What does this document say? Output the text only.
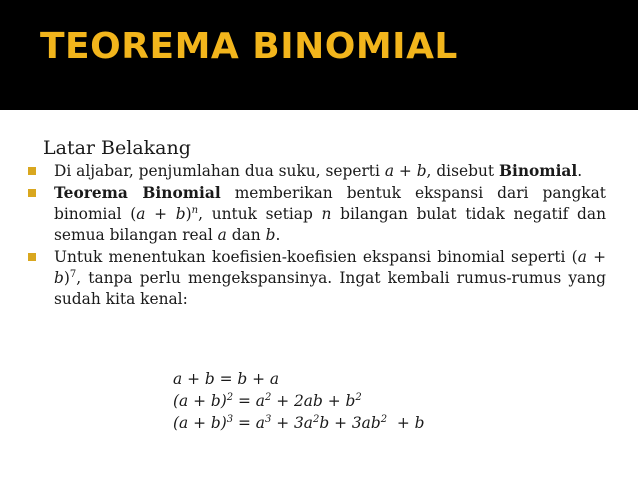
TEOREMA BINOMIAL
Latar Belakang
Di aljabar, penjumlahan dua suku, seperti a + b, disebut Binomial.
Teorema Binomial memberikan bentuk ekspansi dari pangkat binomial $(a + b)^n$, untuk setiap n bilangan bulat tidak negatif dan semua bilangan real a dan b.
Untuk menentukan koefisien-koefisien ekspansi binomial seperti $(a + b)^7$, tanpa perlu mengekspansinya. Ingat kembali rumus-rumus yang sudah kita kenal:
a + b = b + a
$(a + b)^2 = a^2 + 2ab + b^2$
$(a + b)^3 = a^3 + 3a^2b + 3ab^2 + b$
